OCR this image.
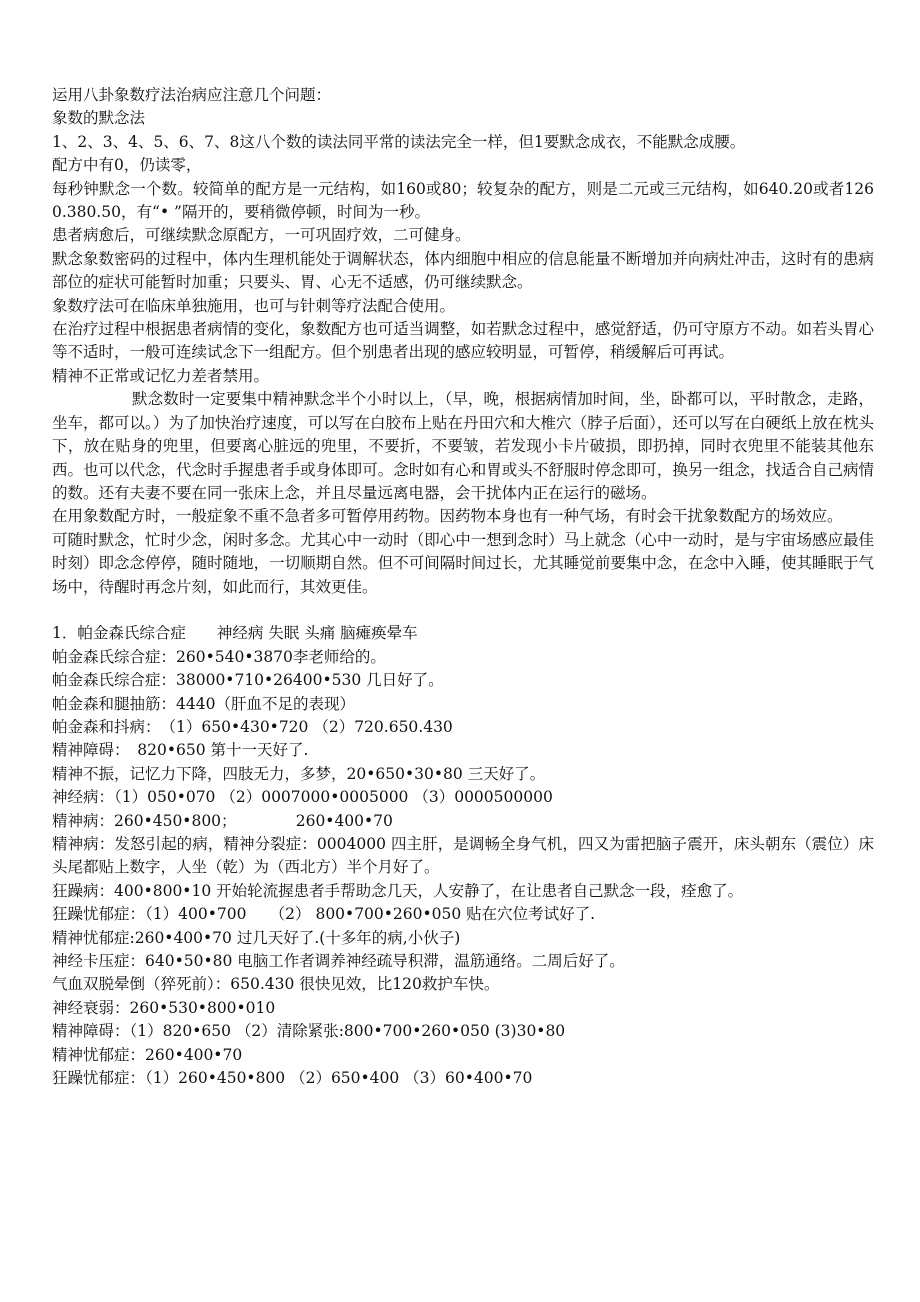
运用八卦象数疗法治病应注意几个问题：

象数的默念法

1、2、3、4、5、6、7、8这八个数的读法同平常的读法完全一样，但1要默念成衣，不能默念成腰。

配方中有0，仍读零，

每秒钟默念一个数。较简单的配方是一元结构，如160或80；较复杂的配方，则是二元或三元结构，如640.20或者1260.380.50，有“• ”隔开的，要稍微停顿，时间为一秒。

患者病愈后，可继续默念原配方，一可巩固疗效，二可健身。

默念象数密码的过程中，体内生理机能处于调解状态，体内细胞中相应的信息能量不断增加并向病灶冲击，这时有的患病部位的症状可能暂时加重；只要头、胃、心无不适感，仍可继续默念。

象数疗法可在临床单独施用，也可与针刺等疗法配合使用。

在治疗过程中根据患者病情的变化，象数配方也可适当调整，如若默念过程中，感觉舒适，仍可守原方不动。如若头胃心等不适时，一般可连续试念下一组配方。但个别患者出现的感应较明显，可暂停，稍缓解后可再试。

精神不正常或记忆力差者禁用。

默念数时一定要集中精神默念半个小时以上，（早，晚，根据病情加时间，坐，卧都可以，平时散念，走路，坐车，都可以。）为了加快治疗速度，可以写在白胶布上贴在丹田穴和大椎穴（脖子后面），还可以写在白硬纸上放在枕头下，放在贴身的兜里，但要离心脏远的兜里，不要折，不要皱，若发现小卡片破损，即扔掉，同时衣兜里不能装其他东西。也可以代念，代念时手握患者手或身体即可。念时如有心和胃或头不舒服时停念即可，换另一组念，找适合自己病情的数。还有夫妻不要在同一张床上念，并且尽量远离电器，会干扰体内正在运行的磁场。

在用象数配方时，一般症象不重不急者多可暂停用药物。因药物本身也有一种气场，有时会干扰象数配方的场效应。

可随时默念，忙时少念，闲时多念。尤其心中一动时（即心中一想到念时）马上就念（心中一动时，是与宇宙场感应最佳时刻）即念念停停，随时随地，一切顺期自然。但不可间隔时间过长，尤其睡觉前要集中念，在念中入睡，使其睡眠于气场中，待醒时再念片刻，如此而行，其效更佳。

1．帕金森氏综合症　　神经病 失眠 头痛 脑瘫痪晕车

帕金森氏综合症：260•540•3870李老师给的。

帕金森氏综合症：38000•710•26400•530 几日好了。

帕金森和腿抽筋：4440（肝血不足的表现）

帕金森和抖病：　（1）650•430•720 （2）720.650.430

精神障碍：　820•650 第十一天好了.

精神不振，记忆力下降，四肢无力，多梦，20•650•30•80 三天好了。

神经病：（1）050•070 （2）0007000•0005000 （3）0000500000

精神病：260•450•800；　　　　 260•400•70

精神病：发怒引起的病，精神分裂症：0004000 四主肝，是调畅全身气机，四又为雷把脑子震开，床头朝东（震位）床头尾都贴上数字，人坐（乾）为（西北方）半个月好了。

狂躁病：400•800•10 开始轮流握患者手帮助念几天，人安静了，在让患者自己默念一段，痊愈了。

狂躁忧郁症：（1）400•700　　（2） 800•700•260•050 贴在穴位考试好了.

精神忧郁症:260•400•70 过几天好了.(十多年的病,小伙子)

神经卡压症：640•50•80 电脑工作者调养神经疏导积滞，温筋通络。二周后好了。

气血双脱晕倒（猝死前）：650.430 很快见效，比120救护车快。

神经衰弱：260•530•800•010

精神障碍：（1）820•650 （2）清除紧张:800•700•260•050 (3)30•80

精神忧郁症：260•400•70

狂躁忧郁症：（1）260•450•800 （2）650•400 （3）60•400•70
